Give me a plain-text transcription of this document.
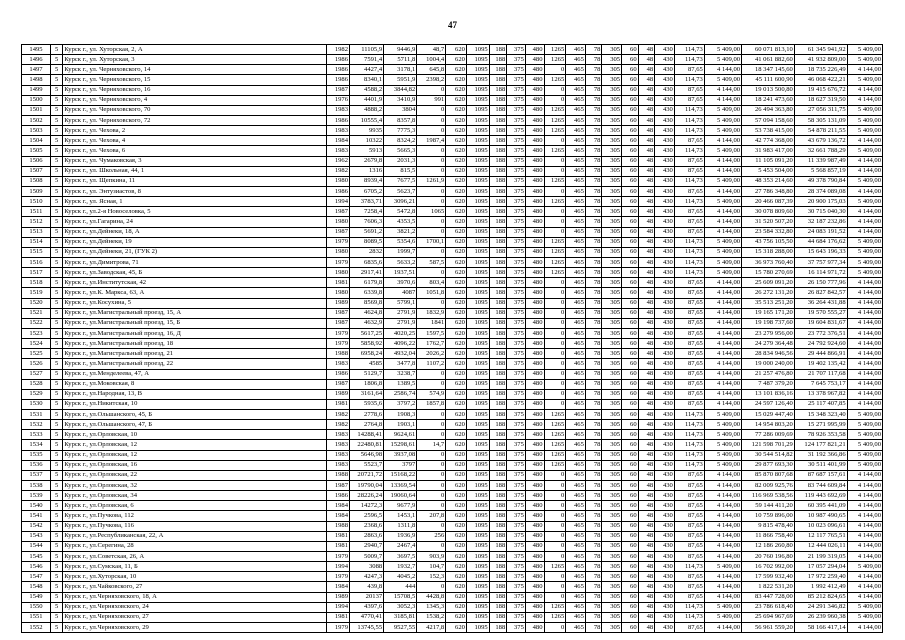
47
1495	5	Курск г., ул. Хуторская, 2, А	1982	11105,9	9446,9	48,7	620	1095	188	375	480	1265	465	78	305	60	48	430	114,73	5 409,00	60 071 813,10	61 345 941,92	5 409,00
1496	5	Курск г., ул. Хуторская, 3	1986	7591,4	5711,8	1004,4	620	1095	188	375	480	1265	465	78	305	60	48	430	114,73	5 409,00	41 061 882,60	41 932 809,00	5 409,00
1497	5	Курск г., ул. Черняховского, 14	1986	4427,4	3178,1	645,8	620	1095	188	375	480	0	465	78	305	60	48	430	87,65	4 144,00	18 347 145,60	18 735 226,49	4 144,00
1498	5	Курск г., ул. Черняховского, 15	1986	8340,1	5951,9	2398,2	620	1095	188	375	480	1265	465	78	305	60	48	430	114,73	5 409,00	45 111 600,90	46 068 422,21	5 409,00
1499	5	Курск г., ул. Черняховского, 16	1987	4588,2	3844,82	0	620	1095	188	375	480	0	465	78	305	60	48	430	87,65	4 144,00	19 013 500,80	19 415 676,72	4 144,00
1500	5	Курск г., ул. Черняховского, 4	1976	4401,9	3410,9	991	620	1095	188	375	480	0	465	78	305	60	48	430	87,65	4 144,00	18 241 473,60	18 627 319,50	4 144,00
1501	5	Курск г., ул. Черняховского, 70	1983	4888,2	3804	0	620	1095	188	375	480	1265	465	78	305	60	48	430	114,73	5 409,00	26 494 363,80	27 056 311,75	5 409,00
1502	5	Курск г., ул. Черняховского, 72	1986	10555,4	8357,8	0	620	1095	188	375	480	1265	465	78	305	60	48	430	114,73	5 409,00	57 094 158,60	58 305 131,09	5 409,00
1503	5	Курск г., ул. Чехова, 2	1983	9935	7775,3	0	620	1095	188	375	480	1265	465	78	305	60	48	430	114,73	5 409,00	53 738 415,00	54 878 211,55	5 409,00
1504	5	Курск г., ул. Чехова, 4	1984	10322	8324,2	1987,4	620	1095	188	375	480	0	465	78	305	60	48	430	87,65	4 144,00	42 774 368,00	43 679 136,72	4 144,00
1505	5	Курск г., ул. Чехова, 6	1983	5913	5665,3	0	620	1095	188	375	480	1265	465	78	305	60	48	430	114,73	5 409,00	31 983 417,00	32 661 788,29	5 409,00
1506	5	Курск г., ул. Чумаковская, 3	1962	2679,8	2031,3	0	620	1095	188	375	480	0	465	78	305	60	48	430	87,65	4 144,00	11 105 091,20	11 339 987,49	4 144,00
1507	5	Курск г., ул. Школьная, 44, 1	1982	1316	815,5	0	620	1095	188	375	480	0	465	78	305	60	48	430	87,65	4 144,00	5 453 504,00	5 568 857,19	4 144,00
1508	5	Курск г., ул. Щепкина, 11	1980	8939,4	7677,5	1261,9	620	1095	188	375	480	1265	465	78	305	60	48	430	114,73	5 409,00	48 353 214,60	49 378 790,84	5 409,00
1509	5	Курск г., ул. Энтузиастов, 8	1986	6705,2	5623,7	0	620	1095	188	375	480	0	465	78	305	60	48	430	87,65	4 144,00	27 786 348,80	28 374 089,08	4 144,00
1510	5	Курск г., ул. Ясная, 1	1994	3783,71	3096,21	0	620	1095	188	375	480	1265	465	78	305	60	48	430	114,73	5 409,00	20 466 087,39	20 900 175,03	5 409,00
1511	5	Курск г., ул.2-я Новоселовка, 5	1987	7258,4	5472,8	1065	620	1095	188	375	480	0	465	78	305	60	48	430	87,65	4 144,00	30 078 809,60	30 715 040,30	4 144,00
1512	5	Курск г., ул.Гагарина, 24	1980	7606,3	4353,5	0	620	1095	188	375	480	0	465	78	305	60	48	430	87,65	4 144,00	31 520 507,20	32 187 232,86	4 144,00
1513	5	Курск г., ул.Дейнеки, 18, А	1987	5691,2	3821,2	0	620	1095	188	375	480	0	465	78	305	60	48	430	87,65	4 144,00	23 584 332,80	24 083 191,52	4 144,00
1514	5	Курск г., ул.Дейнеки, 19	1979	8089,5	5354,6	1700,1	620	1095	188	375	480	1265	465	78	305	60	48	430	114,73	5 409,00	43 756 105,50	44 684 176,62	5 409,00
1515	5	Курск г., ул.Дейнеки, 21, (ГУК 2)	1980	2832	1999,7	0	620	1095	188	375	480	1265	465	78	305	60	48	430	114,73	5 409,00	15 318 288,00	15 643 196,33	5 409,00
1516	5	Курск г., ул.Димитрова, 71	1979	6835,6	5633,2	587,5	620	1095	188	375	480	1265	465	78	305	60	48	430	114,73	5 409,00	36 973 760,40	37 757 977,34	5 409,00
1517	5	Курск г., ул.Заводская, 45, Б	1980	2917,41	1937,51	0	620	1095	188	375	480	1265	465	78	305	60	48	430	114,73	5 409,00	15 780 270,69	16 114 971,72	5 409,00
1518	5	Курск г., ул.Институтская, 42	1981	6179,8	3970,6	803,4	620	1095	188	375	480	0	465	78	305	60	48	430	87,65	4 144,00	25 609 091,20	26 150 777,96	4 144,00
1519	5	Курск г., ул.К. Маркса, 63, А	1980	6339,8	4087	1051,8	620	1095	188	375	480	0	465	78	305	60	48	430	87,65	4 144,00	26 272 131,20	26 827 842,57	4 144,00
1520	5	Курск г., ул.Косухина, 5	1989	8569,8	5799,1	0	620	1095	188	375	480	0	465	78	305	60	48	430	87,65	4 144,00	35 513 251,20	36 264 431,88	4 144,00
1521	5	Курск г., ул.Магистральный проезд, 15, А	1987	4624,8	2791,9	1832,9	620	1095	188	375	480	0	465	78	305	60	48	430	87,65	4 144,00	19 165 171,20	19 570 555,27	4 144,00
1522	5	Курск г., ул.Магистральный проезд, 15, Б	1987	4632,9	2791,9	1841	620	1095	188	375	480	0	465	78	305	60	48	430	87,65	4 144,00	19 198 737,60	19 604 831,67	4 144,00
1523	5	Курск г., ул.Магистральный проезд, 16, Д	1979	5617,25	4020,25	1597,5	620	1095	188	375	480	0	465	78	305	60	48	430	87,65	4 144,00	23 279 956,00	23 772 376,51	4 144,00
1524	5	Курск г., ул.Магистральный проезд, 18	1979	5858,92	4096,22	1762,7	620	1095	188	375	480	0	465	78	305	60	48	430	87,65	4 144,00	24 279 364,48	24 792 924,60	4 144,00
1525	5	Курск г., ул.Магистральный проезд, 21	1988	6958,24	4932,04	2026,2	620	1095	188	375	480	0	465	78	305	60	48	430	87,65	4 144,00	28 834 946,56	29 444 866,91	4 144,00
1526	5	Курск г., ул.Магистральный проезд, 22	1983	4585	3477,8	1107,2	620	1095	188	375	480	0	465	78	305	60	48	430	87,65	4 144,00	19 000 240,00	19 402 135,42	4 144,00
1527	5	Курск г., ул.Менделеева, 47, А	1986	5129,7	3238,7	0	620	1095	188	375	480	0	465	78	305	60	48	430	87,65	4 144,00	21 257 476,80	21 707 117,68	4 144,00
1528	5	Курск г., ул.Моковская, 8	1987	1806,8	1389,5	0	620	1095	188	375	480	0	465	78	305	60	48	430	87,65	4 144,00	7 487 379,20	7 645 753,17	4 144,00
1529	5	Курск г., ул.Народная, 13, В	1989	3161,64	2586,74	574,9	620	1095	188	375	480	0	465	78	305	60	48	430	87,65	4 144,00	13 101 836,16	13 378 967,82	4 144,00
1530	5	Курск г., ул.Никитская, 10	1981	5935,6	3797,2	1857,8	620	1095	188	375	480	0	465	78	305	60	48	430	87,65	4 144,00	24 597 126,40	25 117 407,85	4 144,00
1531	5	Курск г., ул.Ольшанского, 45, Б	1982	2778,6	1908,3	0	620	1095	188	375	480	1265	465	78	305	60	48	430	114,73	5 409,00	15 029 447,40	15 348 323,40	5 409,00
1532	5	Курск г., ул.Ольшанского, 47, Б	1982	2764,8	1903,1	0	620	1095	188	375	480	1265	465	78	305	60	48	430	114,73	5 409,00	14 954 803,20	15 271 995,99	5 409,00
1533	5	Курск г., ул.Орловская, 10	1983	14288,41	9624,61	0	620	1095	188	375	480	1265	465	78	305	60	48	430	114,73	5 409,00	77 286 009,69	78 926 353,58	5 409,00
1534	5	Курск г., ул.Орловская, 12	1983	22480,81	15298,61	14,7	620	1095	188	375	480	1265	465	78	305	60	48	430	114,73	5 409,00	121 598 701,29	124 177 821,21	5 409,00
1535	5	Курск г., ул.Орловская, 12	1983	5646,98	3937,08	0	620	1095	188	375	480	1265	465	78	305	60	48	430	114,73	5 409,00	30 544 514,82	31 192 366,86	5 409,00
1536	5	Курск г., ул.Орловская, 16	1983	5523,7	3797	0	620	1095	188	375	480	1265	465	78	305	60	48	430	114,73	5 409,00	29 877 693,30	30 511 401,99	5 409,00
1537	5	Курск г., ул.Орловская, 22	1988	20721,72	15168,22	0	620	1095	188	375	480	0	465	78	305	60	48	430	87,65	4 144,00	85 870 807,68	87 687 157,61	4 144,00
1538	5	Курск г., ул.Орловская, 32	1987	19790,04	13369,54	0	620	1095	188	375	480	0	465	78	305	60	48	430	87,65	4 144,00	82 009 925,76	83 744 609,84	4 144,00
1539	5	Курск г., ул.Орловская, 34	1986	28226,24	19060,64	0	620	1095	188	375	480	0	465	78	305	60	48	430	87,65	4 144,00	116 969 538,56	119 443 692,69	4 144,00
1540	5	Курск г., ул.Орловская, 6	1984	14272,3	9677,9	0	620	1095	188	375	480	0	465	78	305	60	48	430	87,65	4 144,00	59 144 411,20	60 395 441,09	4 144,00
1541	5	Курск г., ул.Пучкова, 112	1984	2596,5	1453,1	207,8	620	1095	188	375	480	0	465	78	305	60	48	430	87,65	4 144,00	10 759 896,00	10 987 490,65	4 144,00
1542	5	Курск г., ул.Пучкова, 116	1988	2368,6	1311,8	0	620	1095	188	375	480	0	465	78	305	60	48	430	87,65	4 144,00	9 815 478,40	10 023 096,61	4 144,00
1543	5	Курск г., ул.Республиканская, 22, А	1981	2863,6	1936,9	256	620	1095	188	375	480	0	465	78	305	60	48	430	87,65	4 144,00	11 866 758,40	12 117 765,51	4 144,00
1544	5	Курск г., ул.Серегина, 28	1981	2940,7	2467,4	0	620	1095	188	375	480	0	465	78	305	60	48	430	87,65	4 144,00	12 186 260,80	12 444 026,11	4 144,00
1545	5	Курск г., ул.Советская, 26, А	1979	5009,7	3697,5	903,9	620	1095	188	375	480	0	465	78	305	60	48	430	87,65	4 144,00	20 760 196,80	21 199 319,05	4 144,00
1546	5	Курск г., ул.Сумская, 11, Б	1994	3088	1932,7	104,7	620	1095	188	375	480	1265	465	78	305	60	48	430	114,73	5 409,00	16 702 992,00	17 057 294,04	5 409,00
1547	5	Курск г., ул.Хуторская, 10	1979	4247,3	4045,2	152,3	620	1095	188	375	480	0	465	78	305	60	48	430	87,65	4 144,00	17 599 932,40	17 972 259,40	4 144,00
1548	5	Курск г., ул.Чайковского, 27	1984	439,8	444	0	620	1095	188	375	480	0	465	78	305	60	48	430	87,65	4 144,00	1 822 531,20	1 992 412,49	4 144,00
1549	5	Курск г., ул.Черняховского, 18, А	1989	20137	15708,5	4428,8	620	1095	188	375	480	0	465	78	305	60	48	430	87,65	4 144,00	83 447 728,00	85 212 824,65	4 144,00
1550	5	Курск г., ул.Черняховского, 24	1994	4397,6	3052,3	1345,3	620	1095	188	375	480	1265	465	78	305	60	48	430	114,73	5 409,00	23 786 618,40	24 291 346,82	5 409,00
1551	5	Курск г., ул.Черняховского, 27	1981	4770,41	3185,81	1538,2	620	1095	188	375	480	1265	465	78	305	60	48	430	114,73	5 409,00	25 694 967,69	26 239 960,38	5 409,00
1552	5	Курск г., ул.Черняховского, 29	1979	13745,55	9527,55	4217,8	620	1095	188	375	480	0	465	78	305	60	48	430	87,65	4 144,00	56 961 559,20	58 166 417,14	4 144,00
